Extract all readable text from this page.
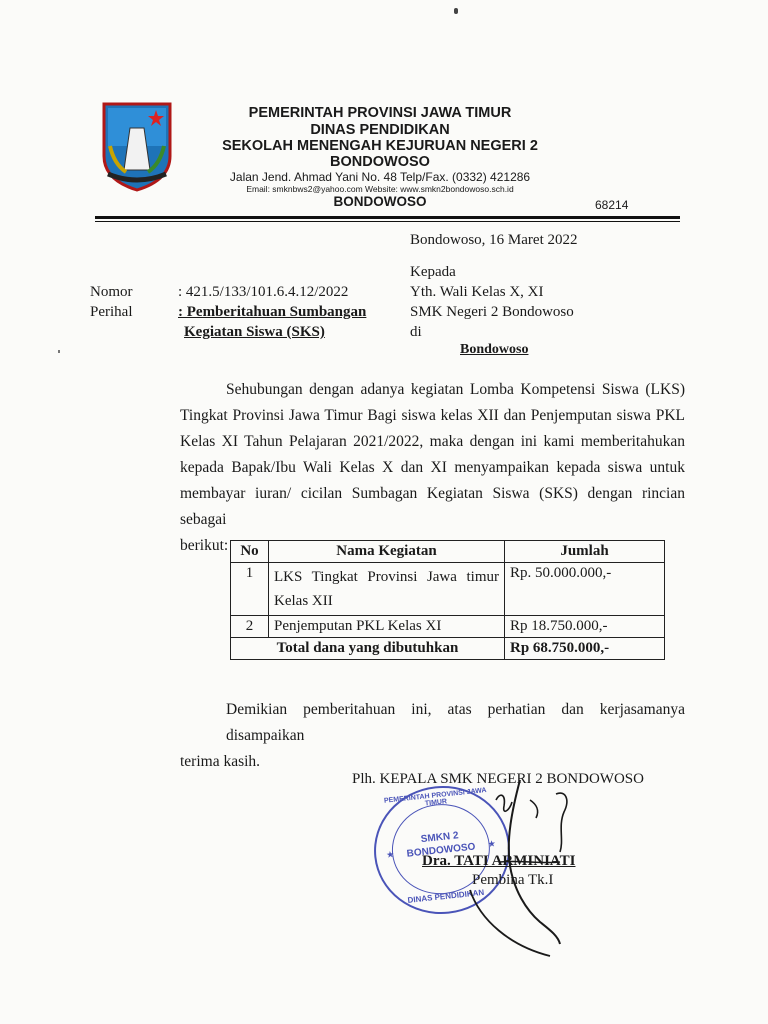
PEMERINTAH PROVINSI JAWA TIMUR
DINAS PENDIDIKAN
SEKOLAH MENENGAH KEJURUAN NEGERI 2
BONDOWOSO
Jalan Jend. Ahmad Yani No. 48 Telp/Fax. (0332) 421286
Email: smknbws2@yahoo.com Website: www.smkn2bondowoso.sch.id
BONDOWOSO	68214
Bondowoso, 16 Maret 2022
Kepada
Yth. Wali Kelas X, XI
SMK Negeri 2 Bondowoso
di
Bondowoso
Nomor	: 421.5/133/101.6.4.12/2022
Perihal	: Pemberitahuan Sumbangan
Kegiatan Siswa (SKS)
Sehubungan dengan adanya kegiatan Lomba Kompetensi Siswa (LKS)
Tingkat Provinsi Jawa Timur Bagi siswa kelas XII dan Penjemputan siswa PKL
Kelas XI Tahun Pelajaran 2021/2022, maka dengan ini kami memberitahukan
kepada Bapak/Ibu Wali Kelas X dan XI menyampaikan kepada siswa untuk
membayar iuran/ cicilan Sumbagan Kegiatan Siswa (SKS) dengan rincian sebagai
berikut: No	Nama Kegiatan	Jumlah
1	LKS Tingkat Provinsi Jawa timur
Kelas XII	Rp. 50.000.000,-
2	Penjemputan PKL Kelas XI	Rp 18.750.000,-
Total dana yang dibutuhkan		Rp 68.750.000,-
Demikian pemberitahuan ini, atas perhatian dan kerjasamanya disampaikan
terima kasih.
Plh. KEPALA SMK NEGERI 2 BONDOWOSO
PEMERINTAH PROVINSI JAWA TIMUR
SMKN 2
BONDOWOSO
DINAS PENDIDIKAN
★
★
Dra. TATI ARMINIATI
Pembina Tk.I
